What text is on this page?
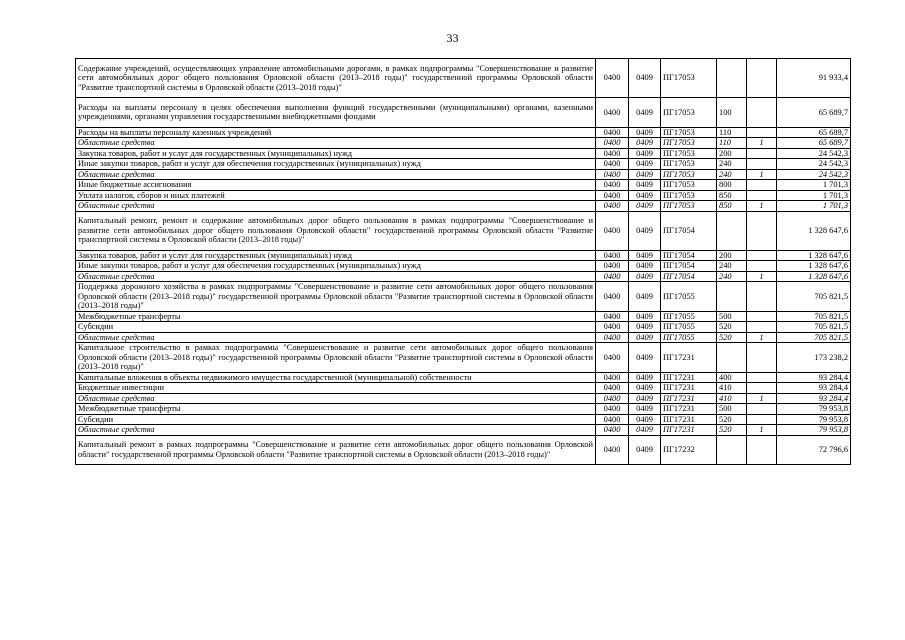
33
Содержание учреждений, осуществляющих управление автомобильными дорогами, в рамках подпрограммы "Совершенствование и развитие сети автомобильных дорог общего пользования Орловской области (2013–2018 годы)" государственной программы Орловской области "Развитие транспортной системы в Орловской области (2013–2018 годы)"	0400	0409	ПГ17053			91 933,4
Расходы на выплаты персоналу в целях обеспечения выполнения функций государственными (муниципальными) органами, казенными учреждениями, органами управления государственными внебюджетными фондами	0400	0409	ПГ17053	100		65 689,7
Расходы на выплаты персоналу казенных учреждений	0400	0409	ПГ17053	110		65 689,7
Областные средства	0400	0409	ПГ17053	110	1	65 689,7
Закупка товаров, работ и услуг для государственных (муниципальных) нужд	0400	0409	ПГ17053	200		24 542,3
Иные закупки товаров, работ и услуг для обеспечения государственных (муниципальных) нужд	0400	0409	ПГ17053	240		24 542,3
Областные средства	0400	0409	ПГ17053	240	1	24 542,3
Иные бюджетные ассигнования	0400	0409	ПГ17053	800		1 701,3
Уплата налогов, сборов и иных платежей	0400	0409	ПГ17053	850		1 701,3
Областные средства	0400	0409	ПГ17053	850	1	1 701,3
Капитальный ремонт, ремонт и содержание автомобильных дорог общего пользования в рамках подпрограммы "Совершенствование и развитие сети автомобильных дорог общего пользования Орловской области" государственной программы Орловской области "Развитие транспортной системы в Орловской области (2013–2018 годы)"	0400	0409	ПГ17054			1 328 647,6
Закупка товаров, работ и услуг для государственных (муниципальных) нужд	0400	0409	ПГ17054	200		1 328 647,6
Иные закупки товаров, работ и услуг для обеспечения государственных (муниципальных) нужд	0400	0409	ПГ17054	240		1 328 647,6
Областные средства	0400	0409	ПГ17054	240	1	1 328 647,6
Поддержка дорожного хозяйства в рамках подпрограммы "Совершенствование и развитие сети автомобильных дорог общего пользования Орловской области (2013–2018 годы)" государственной программы Орловской области "Развитие транспортной системы в Орловской области (2013–2018 годы)"	0400	0409	ПГ17055			705 821,5
Межбюджетные трансферты	0400	0409	ПГ17055	500		705 821,5
Субсидии	0400	0409	ПГ17055	520		705 821,5
Областные средства	0400	0409	ПГ17055	520	1	705 821,5
Капитальное строительство в рамках подпрограммы "Совершенствование и развитие сети автомобильных дорог общего пользования Орловской области (2013–2018 годы)" государственной программы Орловской области "Развитие транспортной системы в Орловской области (2013–2018 годы)"	0400	0409	ПГ17231			173 238,2
Капитальные вложения в объекты недвижимого имущества государственной (муниципальной) собственности	0400	0409	ПГ17231	400		93 284,4
Бюджетные инвестиции	0400	0409	ПГ17231	410		93 284,4
Областные средства	0400	0409	ПГ17231	410	1	93 284,4
Межбюджетные трансферты	0400	0409	ПГ17231	500		79 953,8
Субсидии	0400	0409	ПГ17231	520		79 953,8
Областные средства	0400	0409	ПГ17231	520	1	79 953,8
Капитальный ремонт в рамках подпрограммы "Совершенствование и развитие сети автомобильных дорог общего пользования Орловской области" государственной программы Орловской области "Развитие транспортной системы в Орловской области (2013–2018 годы)"	0400	0409	ПГ17232			72 796,6
